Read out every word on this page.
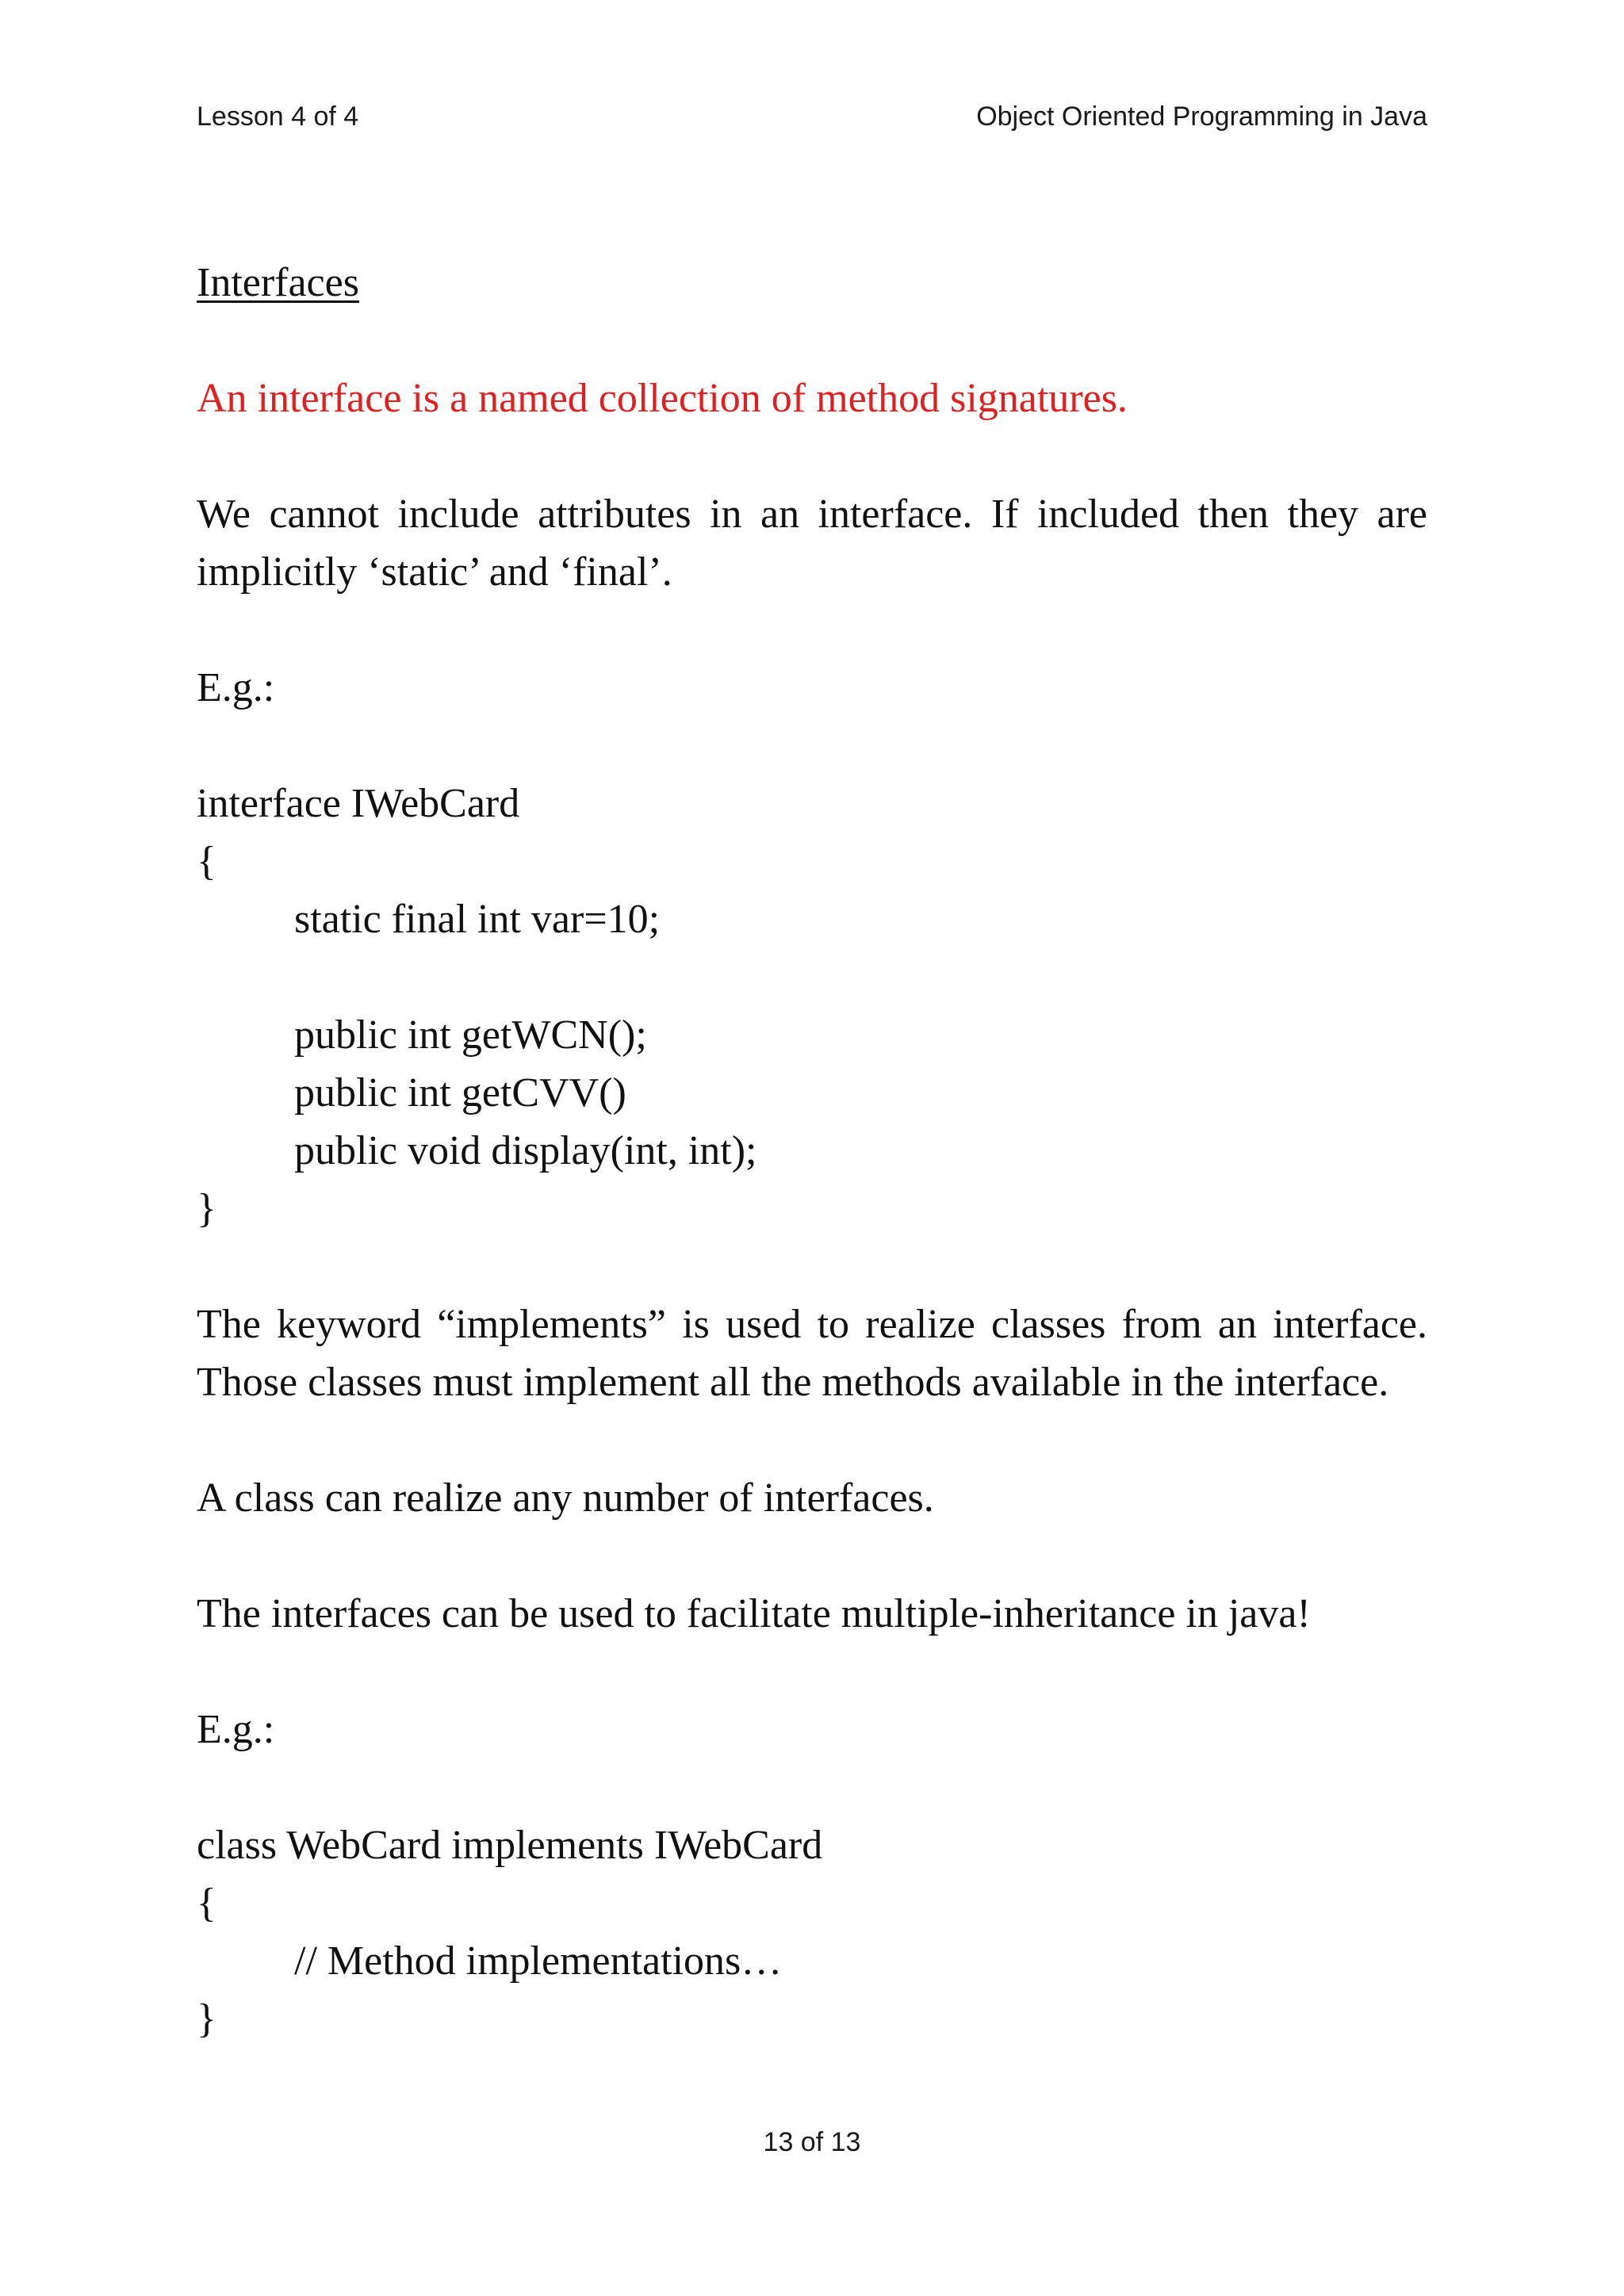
Lesson 4 of 4	Object Oriented Programming in Java

Interfaces

An interface is a named collection of method signatures.

We cannot include attributes in an interface. If included then they are implicitly ‘static’ and ‘final’.

E.g.:

interface IWebCard

{

static final int var=10;

public int getWCN();

public int getCVV()

public void display(int, int);

}

The keyword “implements” is used to realize classes from an interface. Those classes must implement all the methods available in the interface.

A class can realize any number of interfaces.

The interfaces can be used to facilitate multiple-inheritance in java!

E.g.:

class WebCard implements IWebCard

{

// Method implementations…

}

13 of 13
